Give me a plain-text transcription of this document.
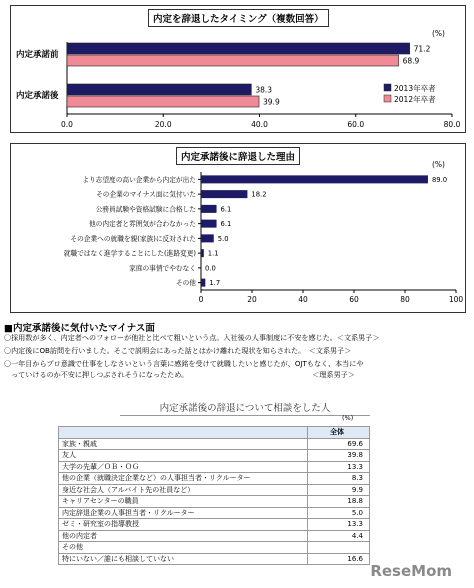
内定を辞退したタイミング（複数回答）
0.0	20.0	40.0	60.0	80.0
(%)
内定承諾前
71.2
68.9
内定承諾後
38.3
39.9
2013年卒者
2012年卒者
内定承諾後に辞退した理由
0	20	40	60	80	100
(%)
より志望度の高い企業から内定が出た	89.0
その企業のマイナス面に気付いた	18.2
公務員試験や資格試験に合格した	6.1
他の内定者と雰囲気が合わなかった	6.1
その企業への就職を親(家族)に反対された	5.0
就職ではなく進学することにした(進路変更) 1.1
家庭の事情でやむなく 0.0
その他 1.7
■内定承諾後に気付いたマイナス面
〇採用数が多く、内定者へのフォローが他社と比べて粗いという点。入社後の人事制度に不安を感じた。＜文系男子＞
〇内定後にOB訪問を行いました。そこで説明会にあった話とはかけ離れた現状を知らされた。　＜文系男子＞
〇一年目からプロ意識で仕事をしなさいという言葉に感銘を受けて就職したいと感じたが、OJTもなく、本当にや
　っていけるのか不安に押しつぶされそうになったため。　　　　　　　　　　　　　　　　　　＜理系男子＞
内定承諾後の辞退について相談をした人
(%)
	全体
家族・親戚	69.6
友人	39.8
大学の先輩／ＯＢ・ＯＧ	13.3
他の企業（就職決定企業など）の人事担当者・リクルーター	8.3
身近な社会人（アルバイト先の社員など）	9.9
キャリアセンターの職員	18.8
内定辞退企業の人事担当者・リクルーター	5.0
ゼミ・研究室の指導教授	13.3
他の内定者	4.4
その他	
特にいない／誰にも相談していない	16.6
ReseMom
